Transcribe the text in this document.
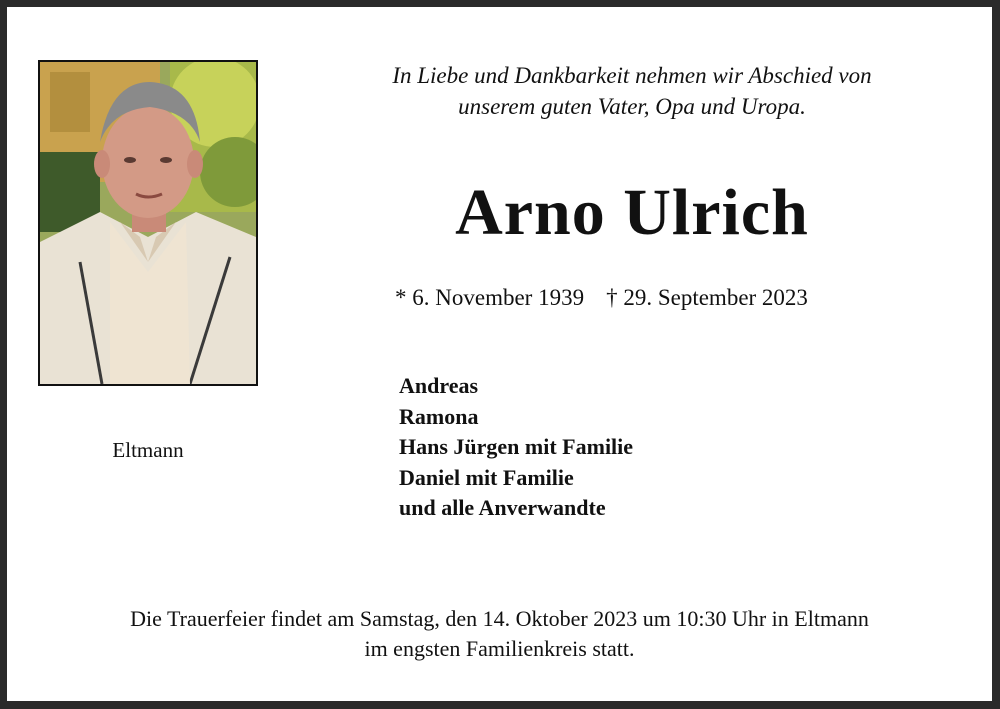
Eltmann
In Liebe und Dankbarkeit nehmen wir Abschied von
unserem guten Vater, Opa und Uropa.
Arno Ulrich
* 6. November 1939 † 29. September 2023
Andreas
Ramona
Hans Jürgen mit Familie
Daniel mit Familie
und alle Anverwandte
Die Trauerfeier findet am Samstag, den 14. Oktober 2023 um 10:30 Uhr in Eltmann
im engsten Familienkreis statt.
